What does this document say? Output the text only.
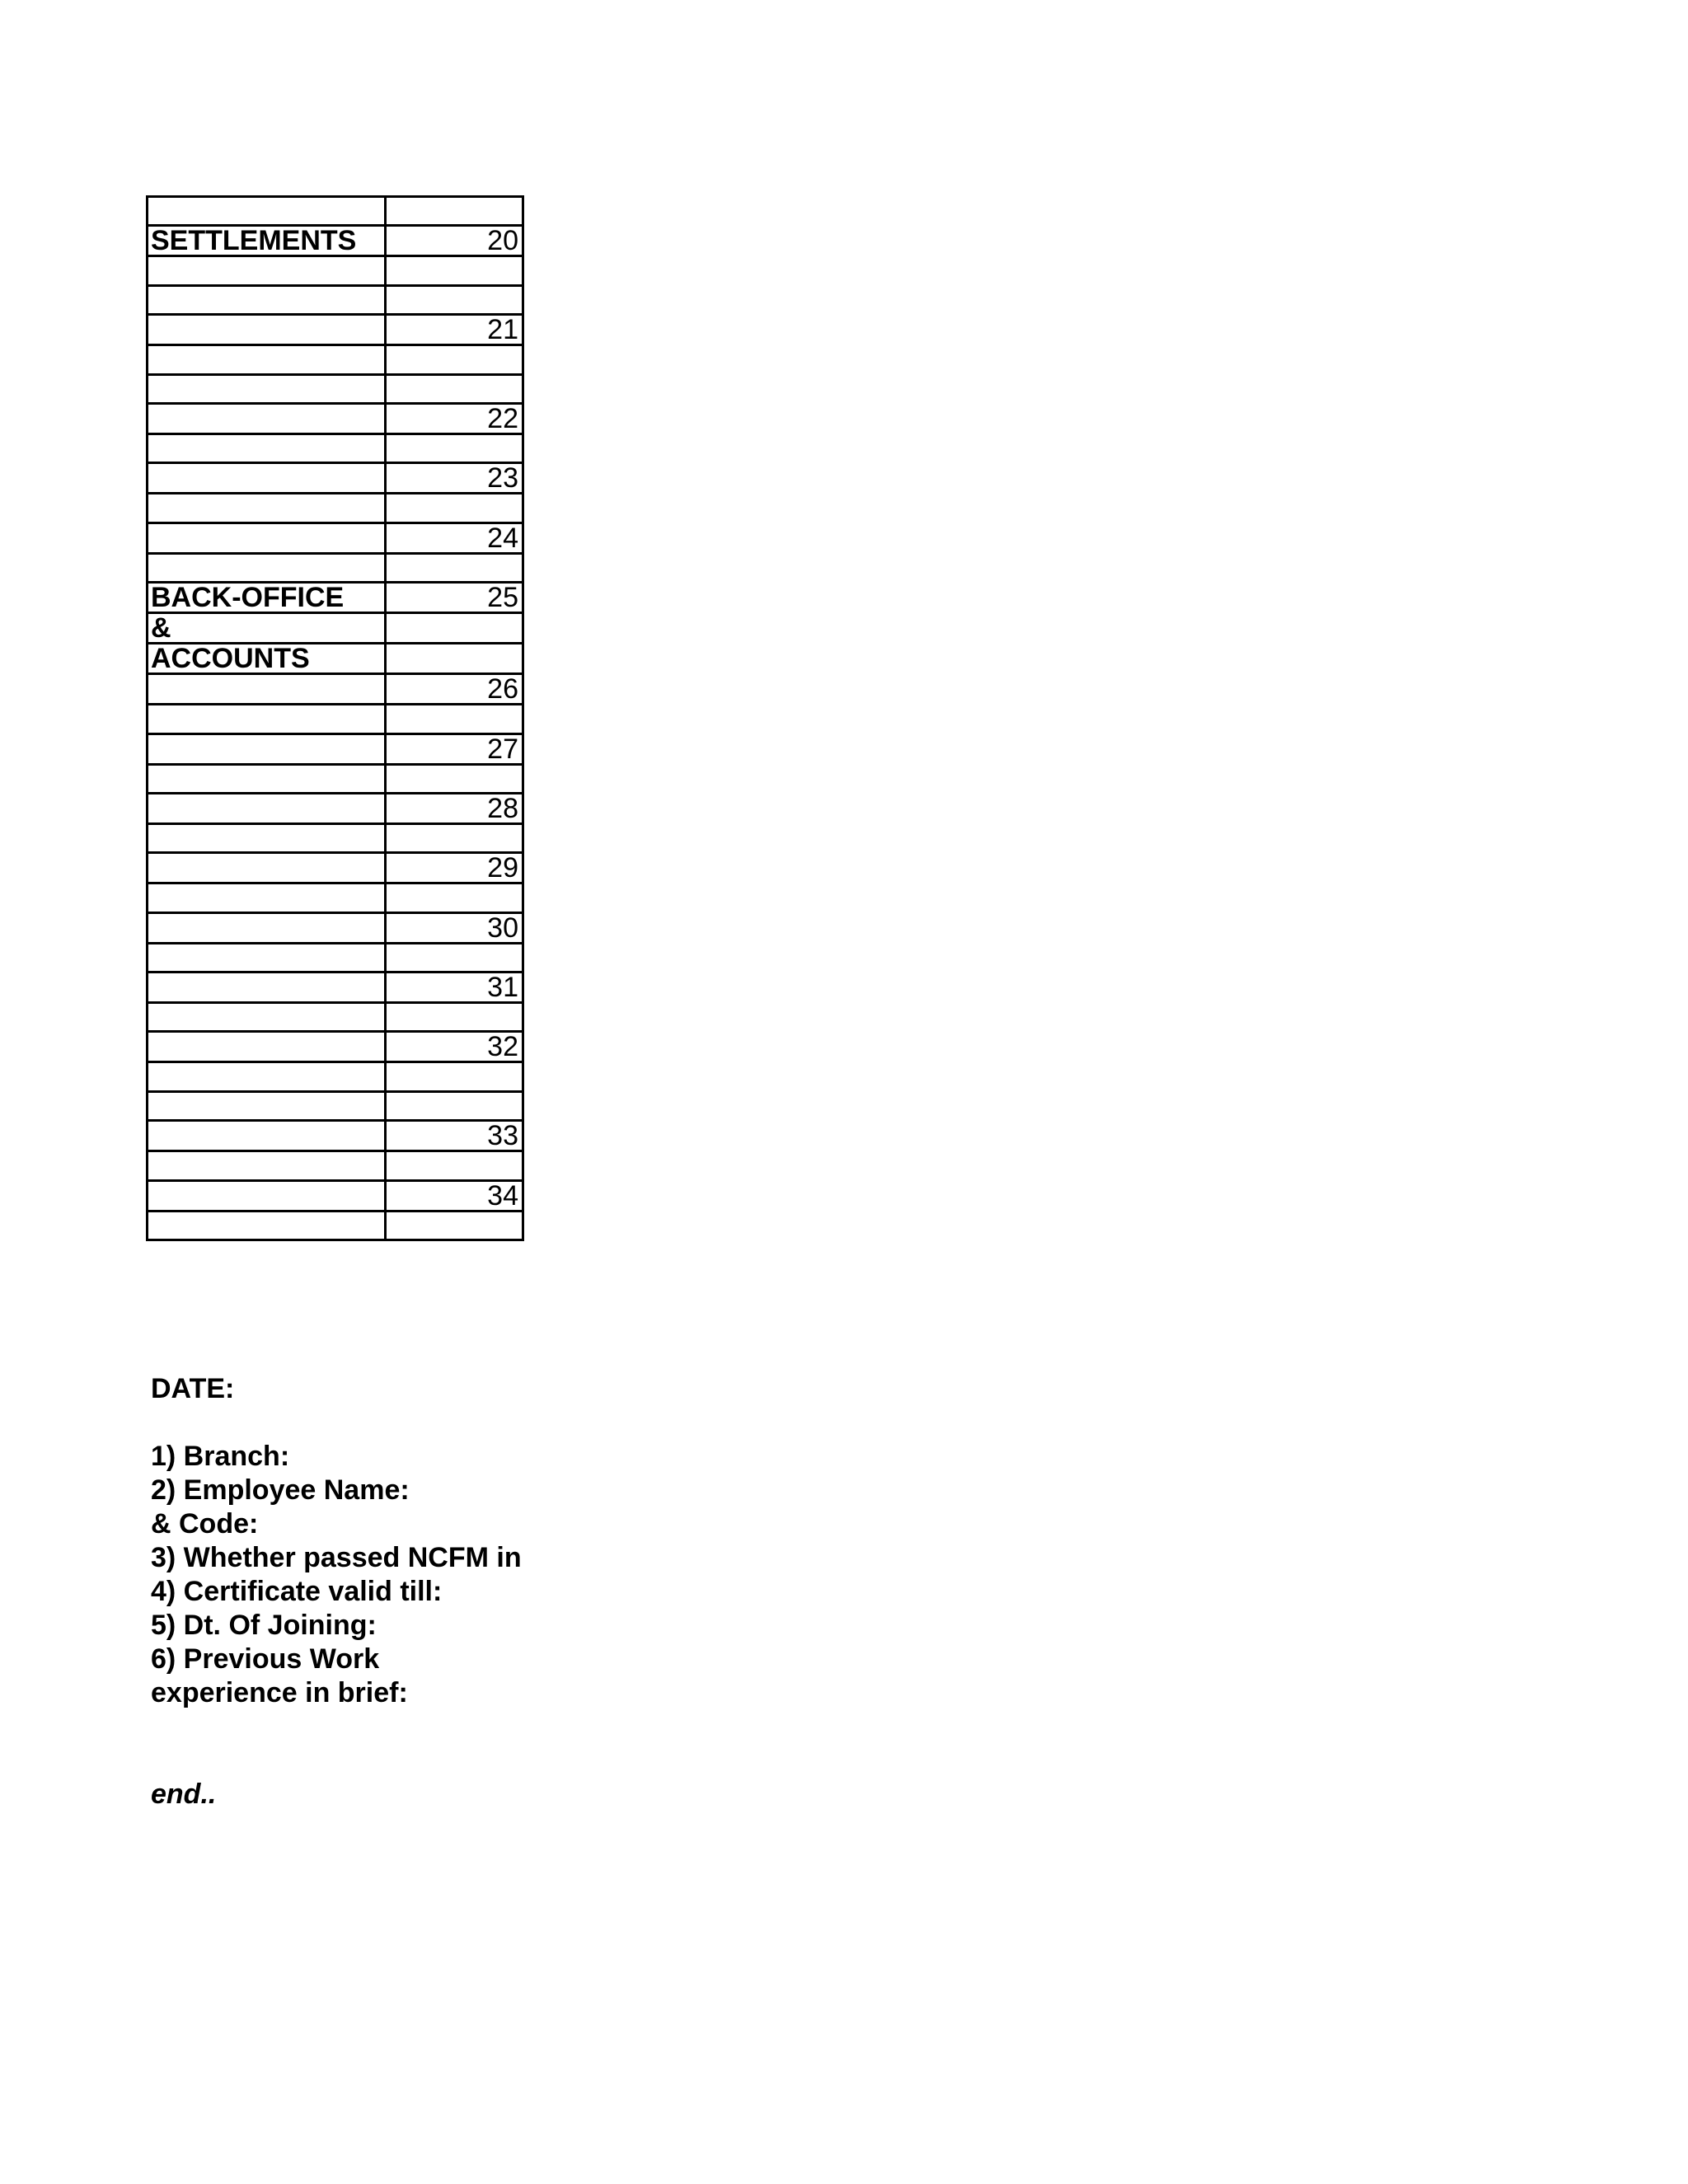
SETTLEMENTS	20

	21

	22

	23

	24

BACK-OFFICE	25
&	
ACCOUNTS	
	26

	27

	28

	29

	30

	31

	32

	33

	34

DATE:
1) Branch:
2) Employee Name:
& Code:
3) Whether passed NCFM in
4) Certificate valid till:
5) Dt. Of Joining:
6) Previous Work
experience in brief:
end..
